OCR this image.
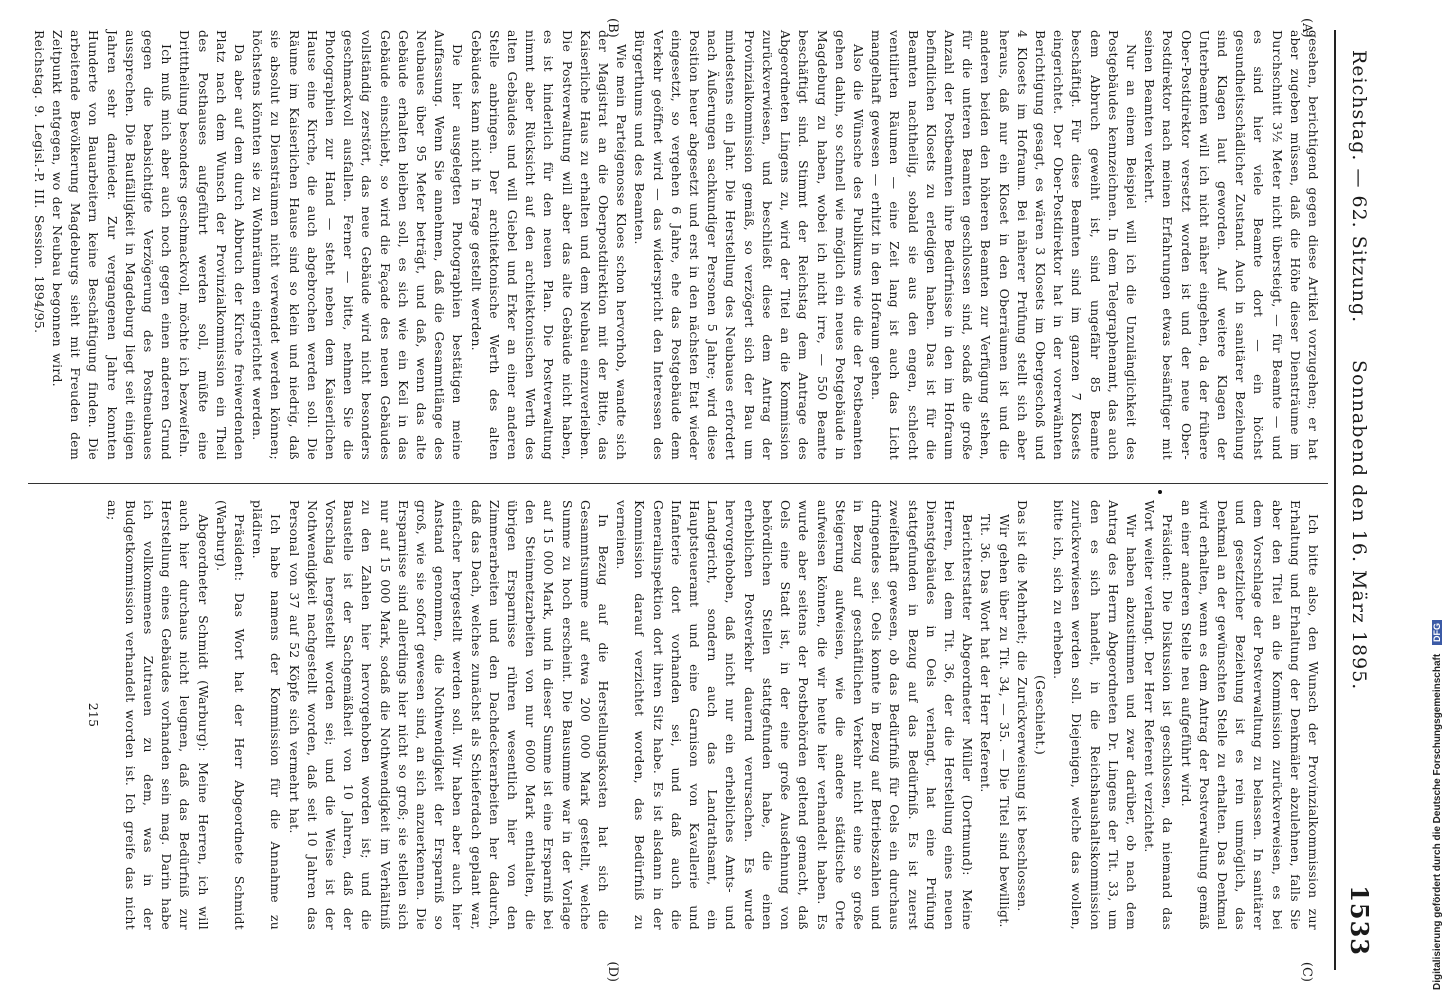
Reichstag. — 62. Sitzung.
Sonnabend den 16. März 1895.
1533

gesehen, berichtigend gegen diese Artikel vorzugehen; er hat aber zugeben müssen, daß die Höhe dieser Diensträume im Durchschnitt 3½ Meter nicht übersteigt, — für Beamte — und es sind hier viele Beamte dort — ein höchst gesundheitsschädlicher Zustand. Auch in sanitärer Beziehung sind Klagen laut geworden. Auf weitere Klagen der Unterbeamten will ich nicht näher eingehen, da der frühere Ober-Postdirektor versetzt worden ist und der neue Ober-Postdirektor nach meinen Erfahrungen etwas besänftiger mit seinen Beamten verkehrt.

Nur an einem Beispiel will ich die Unzulänglichkeit des Postgebäudes kennzeichnen. In dem Telegraphenamt, das auch dem Abbruch geweiht ist, sind ungefähr 85 Beamte beschäftigt. Für diese Beamten sind im ganzen 7 Klosets eingerichtet. Der Ober-Postdirektor hat in der vorerwähnten Berichtigung gesagt, es wären 3 Klosets im Obergeschoß und 4 Klosets im Hofraum. Bei näherer Prüfung stellt sich aber heraus, daß nur ein Kloset in den Oberräumen ist und die anderen beiden den höheren Beamten zur Verfügung stehen, für die unteren Beamten geschlossen sind, sodaß die große Anzahl der Postbeamten ihre Bedürfnisse in den im Hofraum befindlichen Klosets zu erledigen haben. Das ist für die Beamten nachtheilig, sobald sie aus den engen, schlecht ventilirten Räumen — eine Zeit lang ist auch das Licht mangelhaft gewesen — erhitzt in den Hofraum gehen.

Also die Wünsche des Publikums wie die der Postbeamten gehen dahin, so schnell wie möglich ein neues Postgebäude in Magdeburg zu haben, wobei ich nicht irre, — 550 Beamte beschäftigt sind. Stimmt der Reichstag dem Antrage des Abgeordneten Lingens zu, wird der Titel an die Kommission zurückverwiesen, und beschließt diese dem Antrag der Provinzialkommission gemäß, so verzögert sich der Bau um mindestens ein Jahr. Die Herstellung des Neubaues erfordert nach Äußerungen sachkundiger Personen 5 Jahre; wird diese Position heuer abgesetzt und erst in den nächsten Etat wieder eingesetzt, so vergehen 6 Jahre, ehe das Postgebäude dem Verkehr geöffnet wird — das widerspricht den Interessen des Bürgerthums und des Beamten.

Wie mein Parteigenosse Kloes schon hervorhob, wandte sich der Magistrat an die Oberpostdirektion mit der Bitte, das Kaiserliche Haus zu erhalten und dem Neubau einzuverleiben. Die Postverwaltung will aber das alte Gebäude nicht haben, es ist hinderlich für den neuen Plan. Die Postverwaltung nimmt aber Rücksicht auf den architektonischen Werth des alten Gebäudes und will Giebel und Erker an einer anderen Stelle anbringen. Der architektonische Werth des alten Gebäudes kann nicht in Frage gestellt werden.

Die hier ausgelegten Photographien bestätigen meine Auffassung. Wenn Sie annehmen, daß die Gesammtlänge des Neubaues über 95 Meter beträgt, und daß, wenn das alte Gebäude erhalten bleiben soll, es sich wie ein Keil in das Gebäude einschiebt, so wird die Façade des neuen Gebäudes vollständig zerstört, das neue Gebäude wird nicht besonders geschmackvoll ausfallen. Ferner — bitte, nehmen Sie die Photographien zur Hand — steht neben dem Kaiserlichen Hause eine Kirche, die auch abgebrochen werden soll. Die Räume im Kaiserlichen Hause sind so klein und niedrig, daß sie absolut zu Diensträumen nicht verwendet werden können; höchstens könnten sie zu Wohnräumen eingerichtet werden.

Da aber auf dem durch Abbruch der Kirche freiwerdenden Platz nach dem Wunsch der Provinzialkommission ein Theil des Posthauses aufgeführt werden soll, müßte eine Dritttheilung besonders geschmackvoll, möchte ich bezweifeln.

Ich muß mich aber auch noch gegen einen anderen Grund gegen die beabsichtigte Verzögerung des Postneubaues aussprechen. Die Baufälligkeit in Magdeburg liegt seit einigen Jahren sehr darnieder. Zur vergangenen Jahre konnten Hunderte von Bauarbeitern keine Beschäftigung finden. Die arbeitende Bevölkerung Magdeburgs sieht mit Freuden dem Zeitpunkt entgegen, wo der Neubau begonnen wird.

Reichstag. 9. Legisl.-P. III. Session. 1894/95.

Ich bitte also, den Wunsch der Provinzialkommission zur Erhaltung und Erhaltung der Denkmäler abzulehnen, falls Sie aber den Titel an die Kommission zurückverweisen, es bei dem Vorschlage der Postverwaltung zu belassen. In sanitärer und gesetzlicher Beziehung ist es rein unmöglich, das Denkmal an der gewünschten Stelle zu erhalten. Das Denkmal wird erhalten, wenn es dem Antrag der Postverwaltung gemäß an einer anderen Stelle neu aufgeführt wird.

Präsident: Die Diskussion ist geschlossen, da niemand das Wort weiter verlangt. Der Herr Referent verzichtet.

Wir haben abzustimmen und zwar darüber, ob nach dem Antrag des Herrn Abgeordneten Dr. Lingens der Tit. 33, um den es sich handelt, in die Reichshaushaltskommission zurückverwiesen werden soll. Diejenigen, welche das wollen, bitte ich, sich zu erheben.

(Geschieht.)

Das ist die Mehrheit; die Zurückverweisung ist beschlossen.

Wir gehen über zu Tit. 34, — 35. — Die Titel sind bewilligt.

Tit. 36. Das Wort hat der Herr Referent.

Berichterstatter Abgeordneter Müller (Dortmund): Meine Herren, bei dem Tit. 36, der die Herstellung eines neuen Dienstgebäudes in Oels verlangt, hat eine Prüfung stattgefunden in Bezug auf das Bedürfniß. Es ist zuerst zweifelhaft gewesen, ob das Bedürfniß für Oels ein durchaus dringendes sei. Oels konnte in Bezug auf Betriebszahlen und in Bezug auf geschäftlichen Verkehr nicht eine so große Steigerung aufweisen, wie die andere städtische Orte aufweisen können, die wir heute hier verhandelt haben. Es wurde aber seitens der Postbehörden geltend gemacht, daß Oels eine Stadt ist, in der eine große Ausdehnung von behördlichen Stellen stattgefunden habe, die einen erheblichen Postverkehr dauernd verursachen. Es wurde hervorgehoben, daß nicht nur ein erhebliches Amts- und Landgericht, sondern auch das Landrathsamt, ein Hauptsteueramt und eine Garnison von Kavallerie und Infanterie dort vorhanden sei, und daß auch die Generalinspektion dort ihren Sitz habe. Es ist alsdann in der Kommission darauf verzichtet worden, das Bedürfniß zu verneinen.

In Bezug auf die Herstellungskosten hat sich die Gesammtsumme auf etwa 200 000 Mark gestellt, welche Summe zu hoch erscheint. Die Bausumme war in der Vorlage auf 15 000 Mark, und in dieser Summe ist eine Ersparniß bei den Steinmetzarbeiten von nur 6000 Mark enthalten, die übrigen Ersparnisse rühren wesentlich hier von den Zimmerarbeiten und den Dachdeckerarbeiten her dadurch, daß das Dach, welches zunächst als Schieferdach geplant war, einfacher hergestellt werden soll. Wir haben aber auch hier Anstand genommen, die Nothwendigkeit der Ersparniß so groß, wie sie sofort gewesen sind, an sich anzuerkennen. Die Ersparnisse sind allerdings hier nicht so groß; sie stellen sich nur auf 15 000 Mark, sodaß die Nothwendigkeit im Verhältniß zu den Zahlen hier hervorgehoben worden ist; und die Baustelle ist der Sachgemäßheit von 10 Jahren, daß der Vorschlag hergestellt worden sei; und die Weise ist der Nothwendigkeit nachgestellt worden, daß seit 10 Jahren das Personal von 37 auf 52 Köpfe sich vermehrt hat.

Ich habe namens der Kommission für die Annahme zu plädiren.

Präsident: Das Wort hat der Herr Abgeordnete Schmidt (Warburg).

Abgeordneter Schmidt (Warburg): Meine Herren, ich will auch hier durchaus nicht leugnen, daß das Bedürfniß zur Herstellung eines Gebäudes vorhanden sein mag. Darin habe ich vollkommenes Zutrauen zu dem, was in der Budgetkommission verhandelt worden ist. Ich greife das nicht an;

215

(A)
(B)
(C)
(D)	Digitalisierung gefördert durch die Deutsche Forschungsgemeinschaft DFG
